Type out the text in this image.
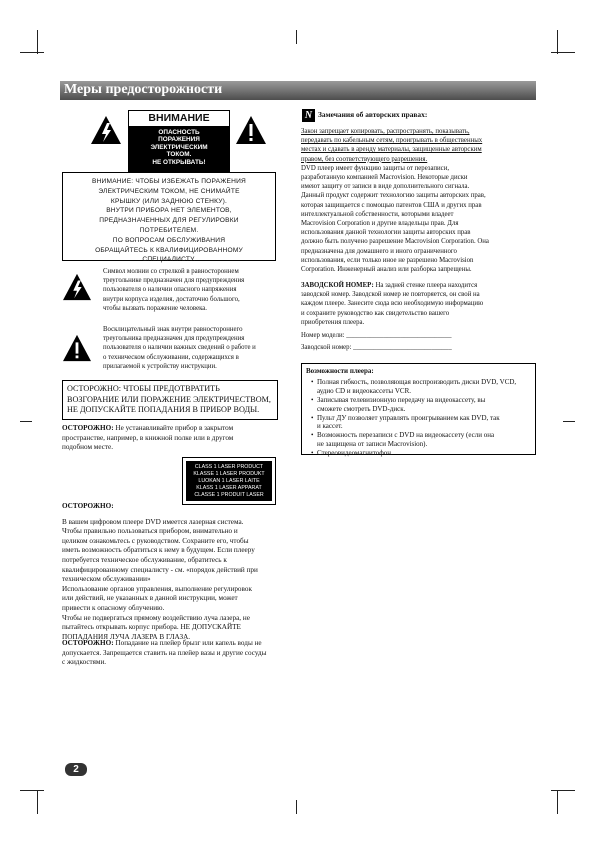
Меры предосторожности
ВНИМАНИЕ
ОПАСНОСТЬ
ПОРАЖЕНИЯ
ЭЛЕКТРИЧЕСКИМ
ТОКОМ.
НЕ ОТКРЫВАТЬ!
ВНИМАНИЕ: ЧТОБЫ ИЗБЕЖАТЬ ПОРАЖЕНИЯ
ЭЛЕКТРИЧЕСКИМ ТОКОМ, НЕ СНИМАЙТЕ
КРЫШКУ (ИЛИ ЗАДНЮЮ СТЕНКУ).
ВНУТРИ ПРИБОРА НЕТ ЭЛЕМЕНТОВ,
ПРЕДНАЗНАЧЕННЫХ ДЛЯ РЕГУЛИРОВКИ
ПОТРЕБИТЕЛЕМ.
ПО ВОПРОСАМ ОБСЛУЖИВАНИЯ
ОБРАЩАЙТЕСЬ К КВАЛИФИЦИРОВАННОМУ
СПЕЦИАЛИСТУ.
Символ молнии со стрелкой в равностороннем
треугольнике предназначен для предупреждения
пользователя о наличии опасного напряжения
внутри корпуса изделия, достаточно большого,
чтобы вызвать поражение человека.
Восклицательный знак внутри равностороннего
треугольника предназначен для предупреждения
пользователя о наличии важных сведений о работе и
о техническом обслуживании, содержащихся в
прилагаемой к устройству инструкции.
ОСТОРОЖНО: ЧТОБЫ ПРЕДОТВРАТИТЬ
ВОЗГОРАНИЕ ИЛИ ПОРАЖЕНИЕ ЭЛЕКТРИЧЕСТВОМ,
НЕ ДОПУСКАЙТЕ ПОПАДАНИЯ В ПРИБОР ВОДЫ.
ОСТОРОЖНО: Не устанавливайте прибор в закрытом
пространстве, например, в книжной полке или в другом
подобном месте.
CLASS 1 LASER PRODUCT
KLASSE 1 LASER PRODUKT
LUOKAN 1 LASER LAITE
KLASS 1 LASER APPARAT
CLASSE 1 PRODUIT LASER
ОСТОРОЖНО:
В вашем цифровом плеере DVD имеется лазерная система.
Чтобы правильно пользоваться прибором, внимательно и
целиком ознакомьтесь с руководством. Сохраните его, чтобы
иметь возможность обратиться к нему в будущем. Если плееру
потребуется техническое обслуживание, обратитесь к
квалифицированному специалисту - см. «порядок действий при
техническом обслуживании»
Использование органов управления, выполнение регулировок
или действий, не указанных в данной инструкции, может
привести к опасному облучению.
Чтобы не подвергаться прямому воздействию луча лазера, не
пытайтесь открывать корпус прибора. НЕ ДОПУСКАЙТЕ
ПОПАДАНИЯ ЛУЧА ЛАЗЕРА В ГЛАЗА.
ОСТОРОЖНО: Попадание на плейер брызг или капель воды не
допускается. Запрещается ставить на плейер вазы и другие сосуды
с жидкостями.
N Замечания об авторских правах:
Закон запрещает копировать, распространять, показывать,
передавать по кабельным сетям, проигрывать в общественных
местах и сдавать в аренду материалы, защищенные авторским
правом, без соответствующего разрешения.
DVD плеер имеет функцию защиты от перезаписи,
разработанную компанией Macrovision. Некоторые диски
имеют защиту от записи в виде дополнительного сигнала.
Данный продукт содержит технологию защиты авторских прав,
которая защищается с помощью патентов США и других прав
интеллектуальной собственности, которыми владеет
Macrovision Corporation и другие владельцы прав. Для
использования данной технологии защиты авторских прав
должно быть получено разрешение Macrovision Corporation. Она
предназначена для домашнего и иного ограниченного
использования, если только иное не разрешено Macrovision
Corporation. Инженерный анализ или разборка запрещены.
ЗАВОДСКОЙ НОМЕР: На задней стенке плеера находится
заводской номер. Заводской номер не повторяется, он свой на
каждом плеере. Занесите сюда всю необходимую информацию
и сохраните руководство как свидетельство вашего
приобретения плеера.
Номер модели: _______________________________
Заводской номер: _____________________________
Возможности плеера:
• Полная гибкость, позволяющая воспроизводить диски DVD, VCD,
аудио CD и видеокассеты VCR.
• Записывая телевизионную передачу на видеокассету, вы
сможете смотреть DVD-диск.
• Пульт ДУ позволяет управлять проигрыванием как DVD, так
и кассет.
• Возможность перезаписи с DVD на видеокассету (если она
не защищена от записи Macrovision).
• Стереовидеомагнитофон.
2
